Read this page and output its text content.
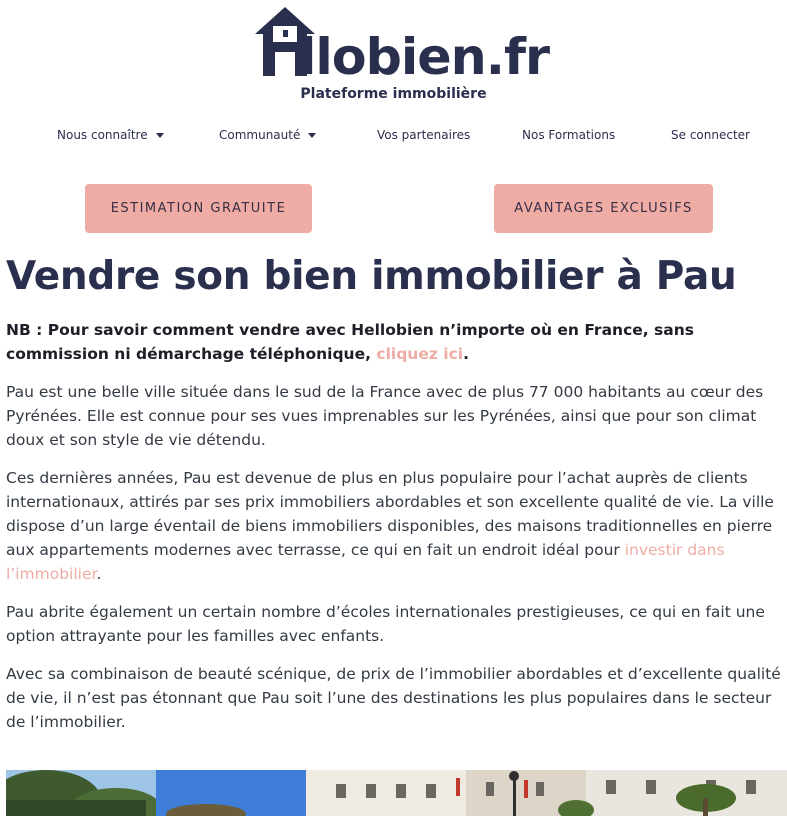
llobien.fr
Plateforme immobilière
Nous connaître	Communauté	Vos partenaires	Nos Formations	Se connecter
ESTIMATION GRATUITE	AVANTAGES EXCLUSIFS
Vendre son bien immobilier à Pau

NB : Pour savoir comment vendre avec Hellobien n’importe où en France, sans commission ni démarchage téléphonique, cliquez ici.

Pau est une belle ville située dans le sud de la France avec de plus 77 000 habitants au cœur des Pyrénées. Elle est connue pour ses vues imprenables sur les Pyrénées, ainsi que pour son climat doux et son style de vie détendu.

Ces dernières années, Pau est devenue de plus en plus populaire pour l’achat auprès de clients internationaux, attirés par ses prix immobiliers abordables et son excellente qualité de vie. La ville dispose d’un large éventail de biens immobiliers disponibles, des maisons traditionnelles en pierre aux appartements modernes avec terrasse, ce qui en fait un endroit idéal pour investir dans l’immobilier.

Pau abrite également un certain nombre d’écoles internationales prestigieuses, ce qui en fait une option attrayante pour les familles avec enfants.

Avec sa combinaison de beauté scénique, de prix de l’immobilier abordables et d’excellente qualité de vie, il n’est pas étonnant que Pau soit l’une des destinations les plus populaires dans le secteur de l’immobilier.
